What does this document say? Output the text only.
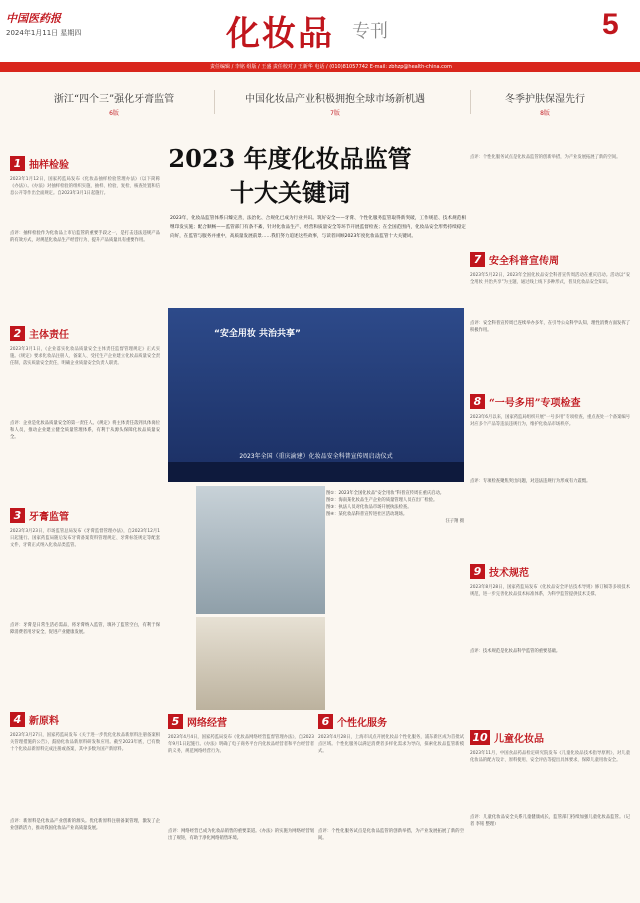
中国医药报
2024年1月11日 星期四	化妆品 专刊	5
责任编辑 / 李铭 组版 / 王盛 责任校对 / 王新华 电话 / (010)81057742 E-mail: zbhzp@health-china.com
浙江“四个三”强化牙膏监管
6版
中国化妆品产业积极拥抱全球市场新机遇
7版
冬季护肤保湿先行
8版
2023 年度化妆品监管
十大关键词
2023年，化妆品监管体系日臻完善，法治化、合规化已成为行业共识。筑好安全——牙膏、个性化服务监管取得新突破，工作规范、技术规范相继印发实施；配合顺畅——监管部门有条不紊，针对化妆品生产、经营和质量安全等环节开展监督检查；在全国范围内，化妆品安全形势持续稳定向好，在监管与服务并重中，高质量发展前景……我们努力追述这些故事，与读者回顾2023年度化妆品监管十大关键词。
“安全用妆 共治共享”
2023年全国（重庆渝建）化妆品安全科普宣传周启动仪式
图①：2023年全国化妆品“安全用妆”科普宣传周在重庆启动。
图②：海南某化妆品生产企业的质量管理人员在出厂检验。
图③：执法人员对化妆品市场开展执法检查。
图④：某化妆品科普宣传进社区活动现场。
汪子翔 摄
1 抽样检验
2023年1月12日，国家药监局发布《化妆品抽样检验管理办法》（以下简称《办法》）。《办法》对抽样检验的组织实施、抽样、检验、复检、核查处置和信息公开等作出全面规定。自2023年3月1日起施行。
点评：抽样检验作为化妆品上市后监管的重要手段之一，是打击违法违规产品的有效方式，对规范化妆品生产经营行为、提升产品质量具有重要作用。
2 主体责任
2023年3月1日，《企业落实化妆品质量安全主体责任监督管理规定》正式实施。《规定》要求化妆品注册人、备案人、受托生产企业建立化妆品质量安全责任制，落实质量安全责任，明确企业质量安全负责人职责。
点评：企业是化妆品质量安全的第一责任人。《规定》将主体责任落到具体岗位和人员，推动企业建立健全质量管理体系，有利于从源头保障化妆品质量安全。
3 牙膏监管
2023年3月23日，市场监管总局发布《牙膏监督管理办法》，自2023年12月1日起施行。国家药监局随后发布牙膏备案资料管理规定、牙膏标签规定等配套文件，牙膏正式纳入化妆品类监管。
点评：牙膏是日常生活必需品，将牙膏纳入监管，填补了监管空白，有利于保障消费者用牙安全，促进产业健康发展。
4 新原料
2023年3月27日，国家药监局发布《关于进一步优化化妆品新原料注册备案相关管理措施的公告》，鼓励化妆品新原料研发和应用。截至2023年底，已有数十个化妆品新原料完成注册或备案，其中多数为国产新原料。
点评：新原料是化妆品产业创新的源头。优化新原料注册备案管理，激发了企业创新活力，推动我国化妆品产业高质量发展。
5 网络经营
2023年4月4日，国家药监局发布《化妆品网络经营监督管理办法》，自2023年9月1日起施行。《办法》明确了电子商务平台内化妆品经营者和平台经营者的义务，规范网络经营行为。
点评：网络经营已成为化妆品销售的重要渠道。《办法》的实施为网络经营划出了规矩，有助于净化网络销售环境。
6 个性化服务
2023年4月28日，上海市试点开展化妆品个性化服务，浦东新区成为首批试点区域。个性化服务以满足消费者多样化需求为导向，探索化妆品监管新模式。
点评：个性化服务试点是化妆品监管的创新举措，为产业发展拓展了新的空间。
点评：个性化服务试点是化妆品监管的创新举措，为产业发展拓展了新的空间。
7 安全科普宣传周
2023年5月22日，2023年全国化妆品安全科普宣传周活动在重庆启动。活动以“安全用妆 共治共享”为主题，通过线上线下多种形式，普及化妆品安全知识。
点评：安全科普宣传周已连续举办多年，在引导公众科学认知、理性消费方面发挥了积极作用。
8 “一号多用”专项检查
2023年6月以来，国家药监局组织开展“一号多用”专项检查，重点查处一个备案编号对应多个产品等违法违规行为，维护化妆品市场秩序。
点评：专项检查聚焦突出问题，对违法违规行为形成有力震慑。
9 技术规范
2023年8月28日，国家药监局发布《化妆品安全评估技术导则》修订稿等多项技术规范，进一步完善化妆品技术标准体系，为科学监管提供技术支撑。
点评：技术规范是化妆品科学监管的重要基础。
10 儿童化妆品
2023年11月，中国食品药品检定研究院发布《儿童化妆品技术指导原则》，对儿童化妆品的配方设计、原料使用、安全评估等提出具体要求，保障儿童用妆安全。
点评：儿童化妆品安全关系儿童健康成长，监管部门持续加强儿童化妆品监管。（记者 李铭 整理）
